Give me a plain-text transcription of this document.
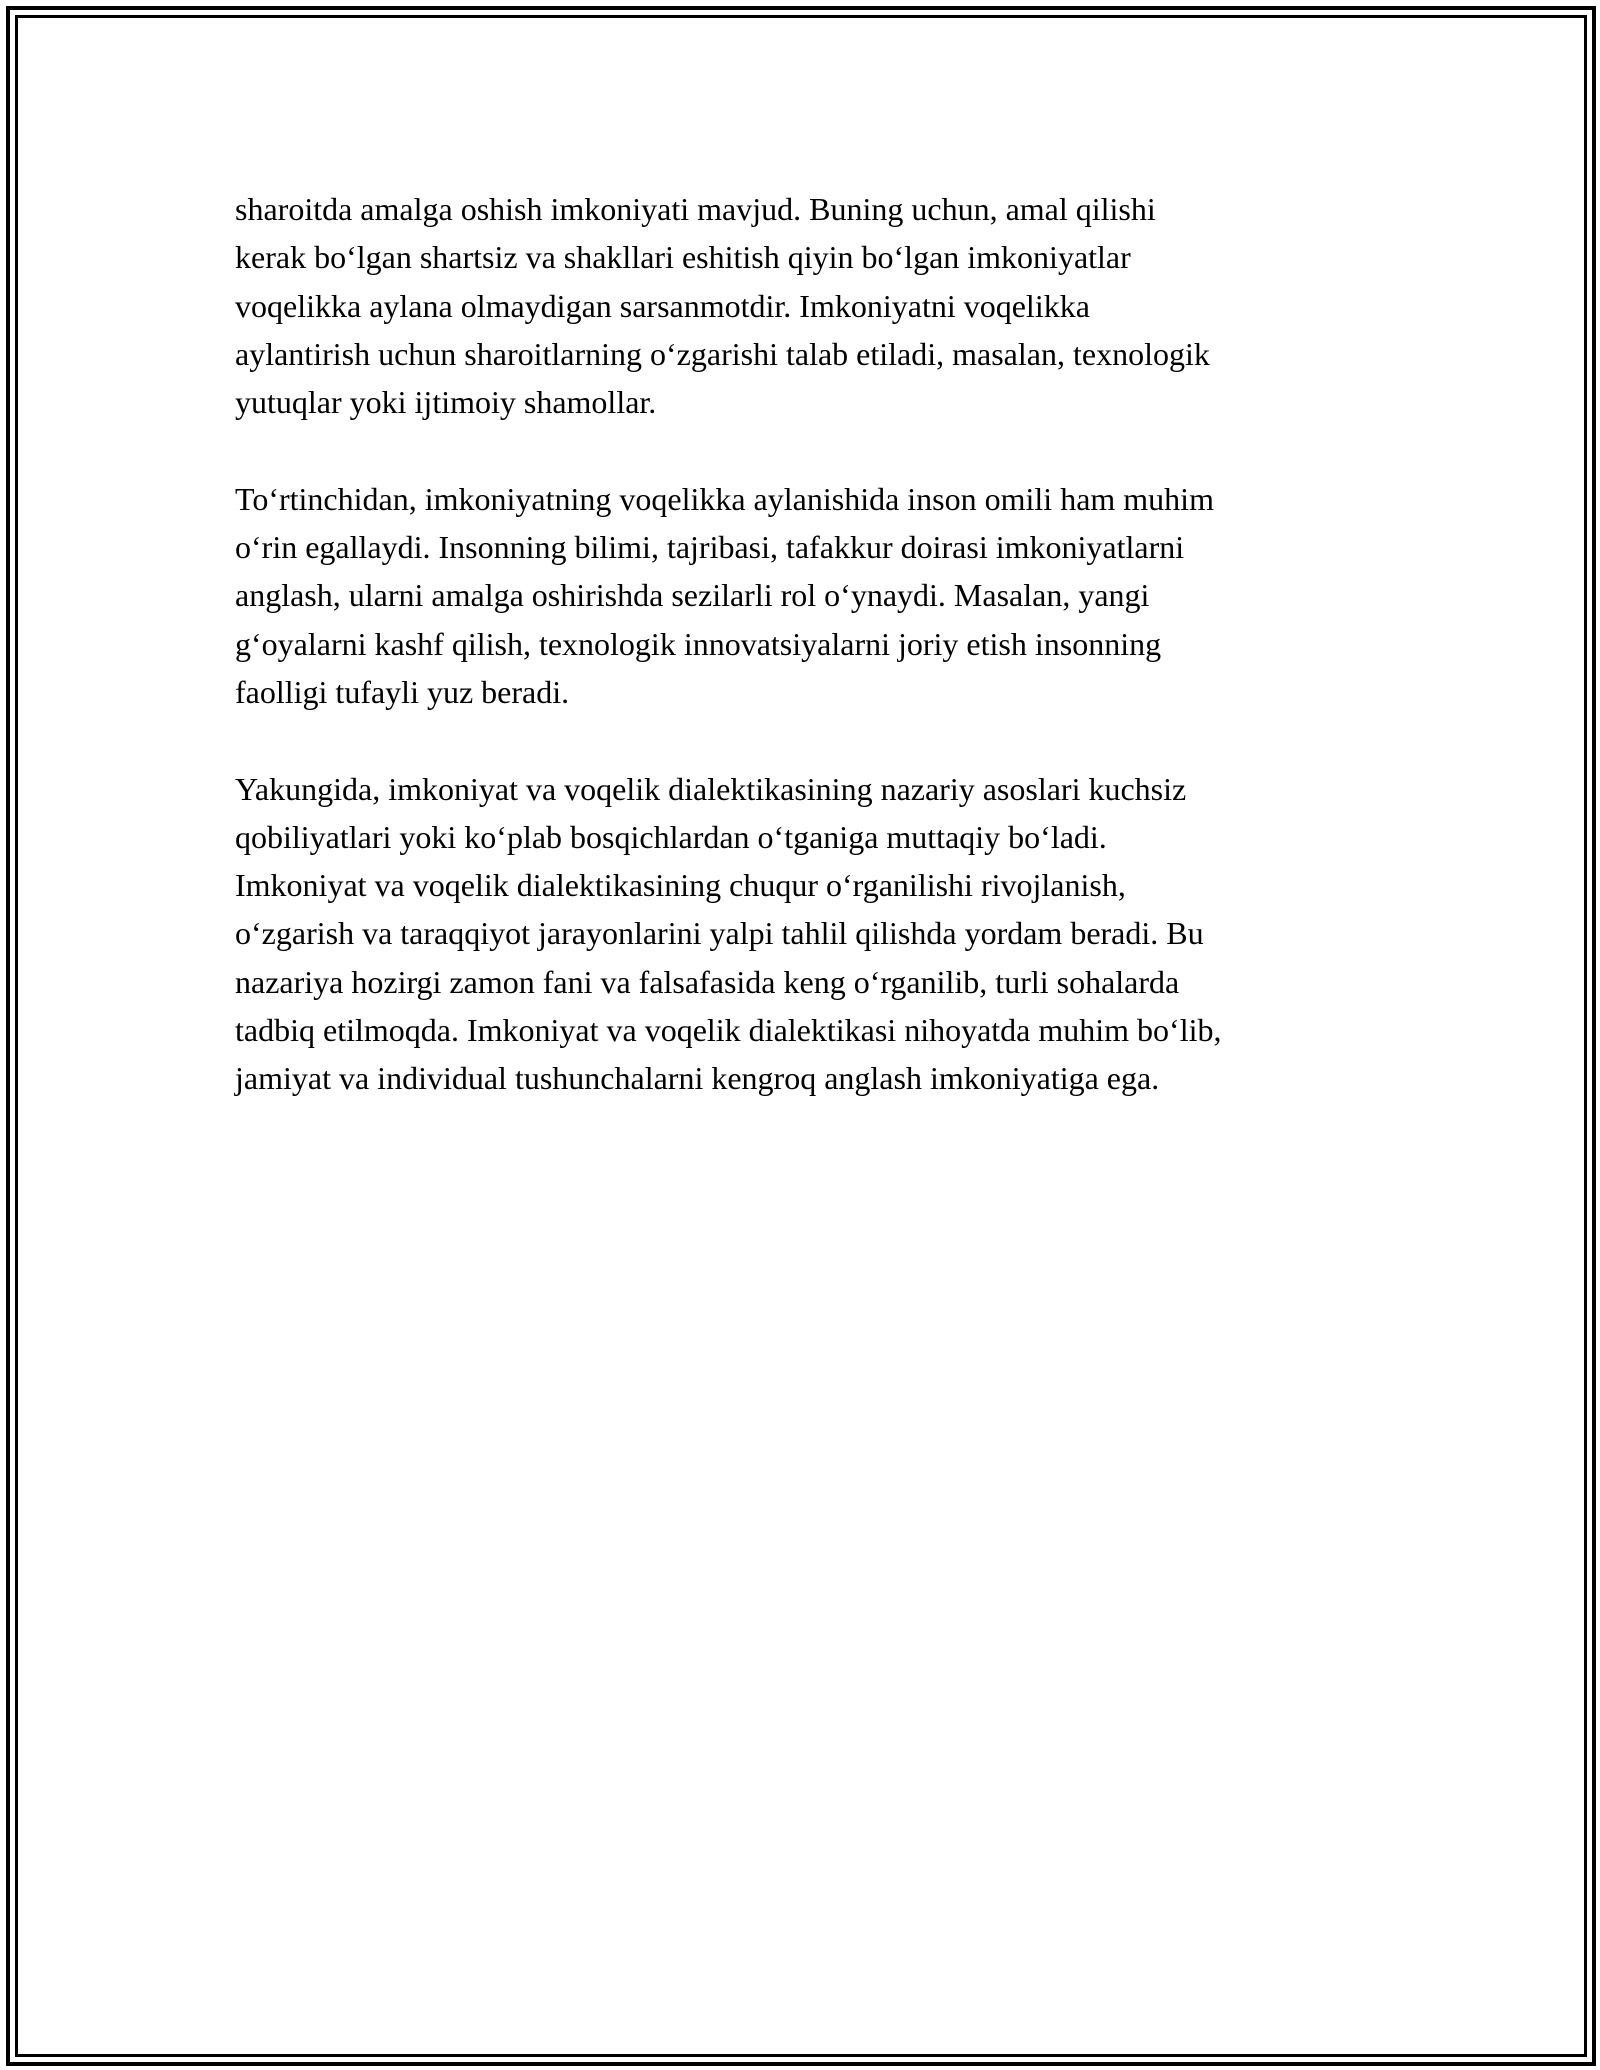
sharoitda amalga oshish imkoniyati mavjud. Buning uchun, amal qilishi
kerak boʻlgan shartsiz va shakllari eshitish qiyin boʻlgan imkoniyatlar
voqelikka aylana olmaydigan sarsanmotdir. Imkoniyatni voqelikka
aylantirish uchun sharoitlarning oʻzgarishi talab etiladi, masalan, texnologik
yutuqlar yoki ijtimoiy shamollar.

Toʻrtinchidan, imkoniyatning voqelikka aylanishida inson omili ham muhim
oʻrin egallaydi. Insonning bilimi, tajribasi, tafakkur doirasi imkoniyatlarni
anglash, ularni amalga oshirishda sezilarli rol oʻynaydi. Masalan, yangi
gʻoyalarni kashf qilish, texnologik innovatsiyalarni joriy etish insonning
faolligi tufayli yuz beradi.

Yakungida, imkoniyat va voqelik dialektikasining nazariy asoslari kuchsiz
qobiliyatlari yoki koʻplab bosqichlardan oʻtganiga muttaqiy boʻladi.
Imkoniyat va voqelik dialektikasining chuqur oʻrganilishi rivojlanish,
oʻzgarish va taraqqiyot jarayonlarini yalpi tahlil qilishda yordam beradi. Bu
nazariya hozirgi zamon fani va falsafasida keng oʻrganilib, turli sohalarda
tadbiq etilmoqda. Imkoniyat va voqelik dialektikasi nihoyatda muhim boʻlib,
jamiyat va individual tushunchalarni kengroq anglash imkoniyatiga ega.
